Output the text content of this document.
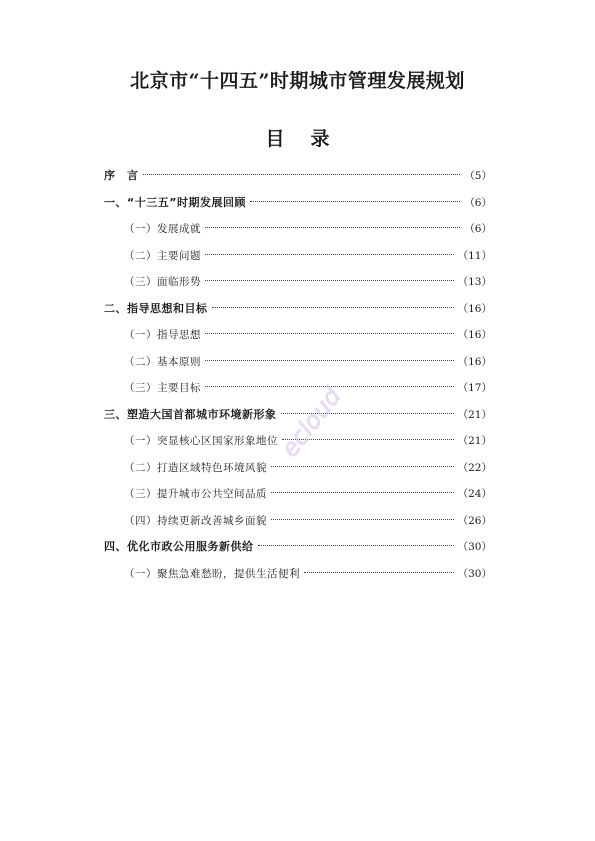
北京市“十四五”时期城市管理发展规划
目录
序　言	（5）
一、“十三五”时期发展回顾	（6）
（一）发展成就	（6）
（二）主要问题	（11）
（三）面临形势	（13）
二、指导思想和目标	（16）
（一）指导思想	（16）
（二）基本原则	（16）
（三）主要目标	（17）
三、塑造大国首都城市环境新形象	（21）
（一）突显核心区国家形象地位	（21）
（二）打造区域特色环境风貌	（22）
（三）提升城市公共空间品质	（24）
（四）持续更新改善城乡面貌	（26）
四、优化市政公用服务新供给	（30）
（一）聚焦急难愁盼，提供生活便利	（30）
ecloud
